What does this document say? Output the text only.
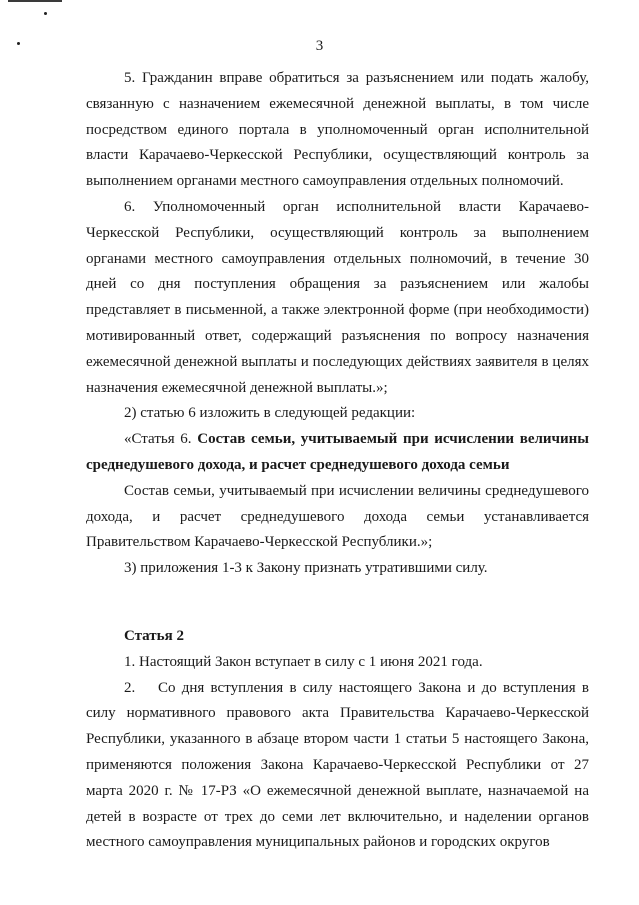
3

5. Гражданин вправе обратиться за разъяснением или подать жалобу, связанную с назначением ежемесячной денежной выплаты, в том числе посредством единого портала в уполномоченный орган исполнительной власти Карачаево-Черкесской Республики, осуществляющий контроль за выполнением органами местного самоуправления отдельных полномочий.

6. Уполномоченный орган исполнительной власти Карачаево-Черкесской Республики, осуществляющий контроль за выполнением органами местного самоуправления отдельных полномочий, в течение 30 дней со дня поступления обращения за разъяснением или жалобы представляет в письменной, а также электронной форме (при необходимости) мотивированный ответ, содержащий разъяснения по вопросу назначения ежемесячной денежной выплаты и последующих действиях заявителя в целях назначения ежемесячной денежной выплаты.»;

2) статью 6 изложить в следующей редакции:

«Статья 6. Состав семьи, учитываемый при исчислении величины среднедушевого дохода, и расчет среднедушевого дохода семьи

Состав семьи, учитываемый при исчислении величины среднедушевого дохода, и расчет среднедушевого дохода семьи устанавливается Правительством Карачаево-Черкесской Республики.»;

3) приложения 1-3 к Закону признать утратившими силу.

Статья 2

1. Настоящий Закон вступает в силу с 1 июня 2021 года.

2. Со дня вступления в силу настоящего Закона и до вступления в силу нормативного правового акта Правительства Карачаево-Черкесской Республики, указанного в абзаце втором части 1 статьи 5 настоящего Закона, применяются положения Закона Карачаево-Черкесской Республики от 27 марта 2020 г. № 17-РЗ «О ежемесячной денежной выплате, назначаемой на детей в возрасте от трех до семи лет включительно, и наделении органов местного самоуправления муниципальных районов и городских округов
